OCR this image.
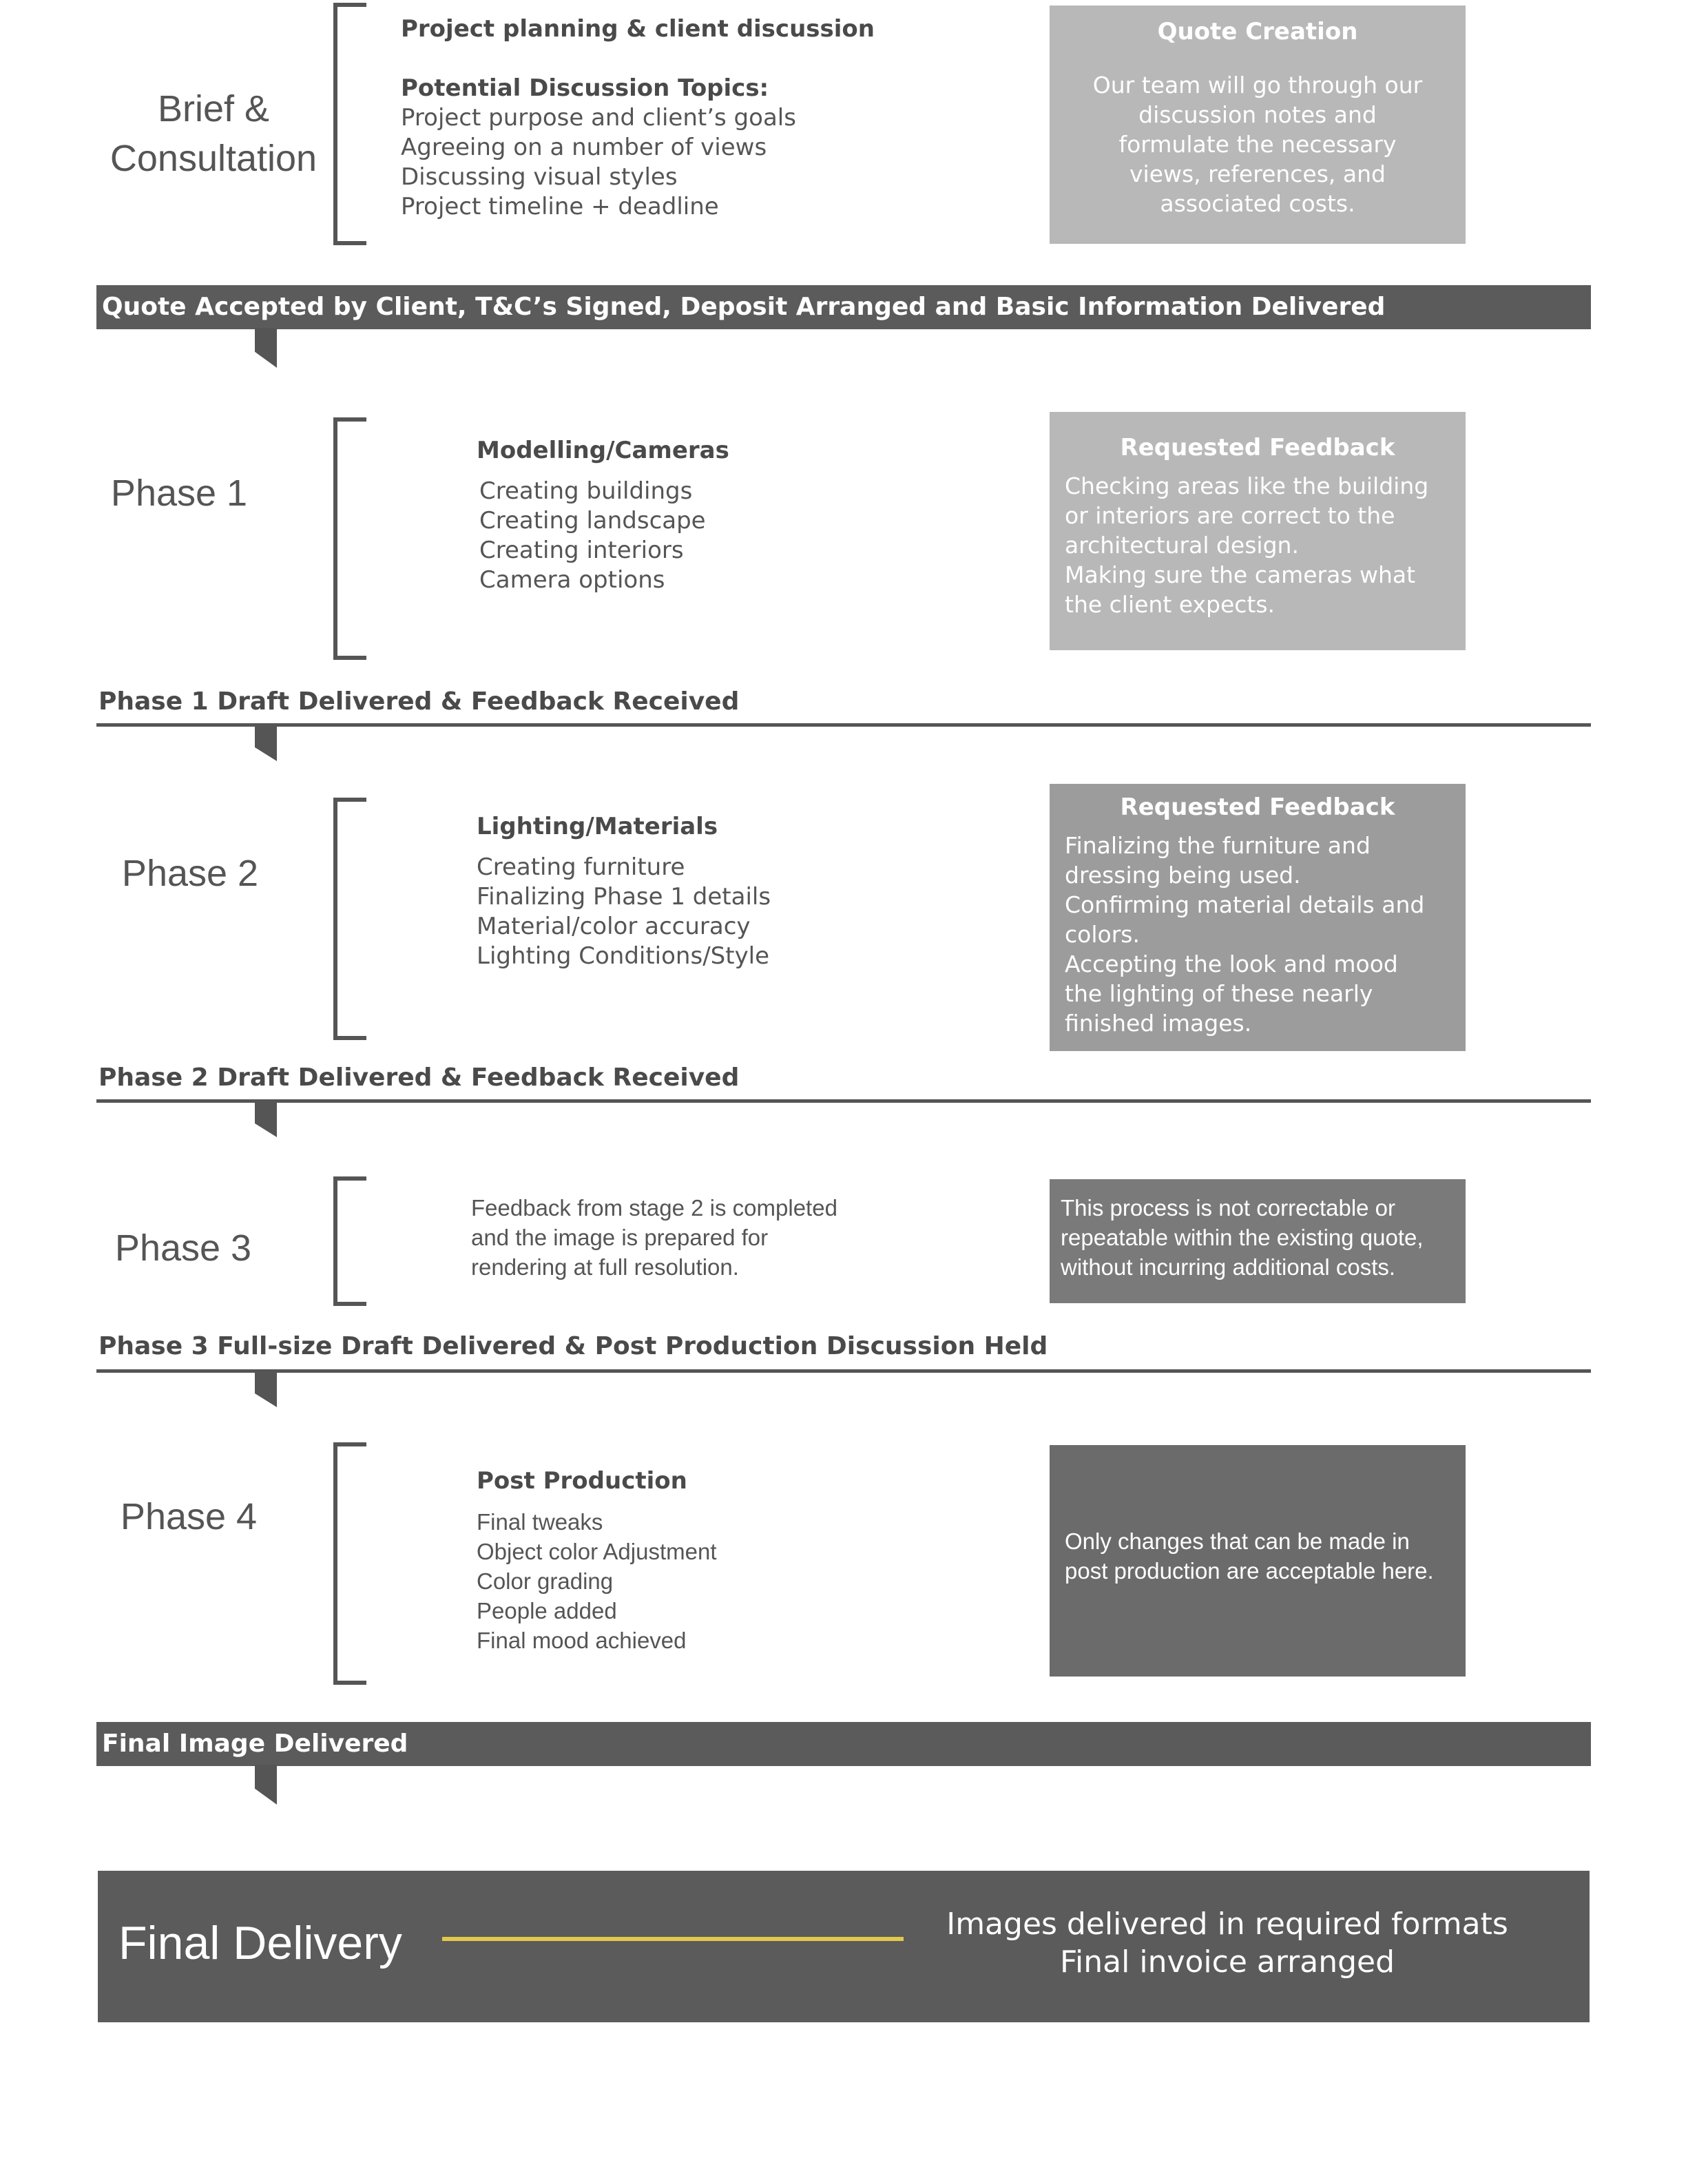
Brief &
Consultation
Project planning & client discussion
Potential Discussion Topics:
Project purpose and client’s goals
Agreeing on a number of views
Discussing visual styles
Project timeline + deadline
Quote Creation
Our team will go through our
discussion notes and
formulate the necessary
views, references, and
associated costs.
Quote Accepted by Client, T&C’s Signed, Deposit Arranged and Basic Information Delivered
Phase 1
Modelling/Cameras
Creating buildings
Creating landscape
Creating interiors
Camera options
Requested Feedback
Checking areas like the building
or interiors are correct to the
architectural design.
Making sure the cameras what
the client expects.
Phase 1 Draft Delivered & Feedback Received
Phase 2
Lighting/Materials
Creating furniture
Finalizing Phase 1 details
Material/color accuracy
Lighting Conditions/Style
Requested Feedback
Finalizing the furniture and
dressing being used.
Confirming material details and
colors.
Accepting the look and mood
the lighting of these nearly
finished images.
Phase 2 Draft Delivered & Feedback Received
Phase 3
Feedback from stage 2 is completed
and the image is prepared for
rendering at full resolution.
This process is not correctable or
repeatable within the existing quote,
without incurring additional costs.
Phase 3 Full-size Draft Delivered & Post Production Discussion Held
Phase 4
Post Production
Final tweaks
Object color Adjustment
Color grading
People added
Final mood achieved
Only changes that can be made in
post production are acceptable here.
Final Image Delivered
Final Delivery	Images delivered in required formats
Final invoice arranged
